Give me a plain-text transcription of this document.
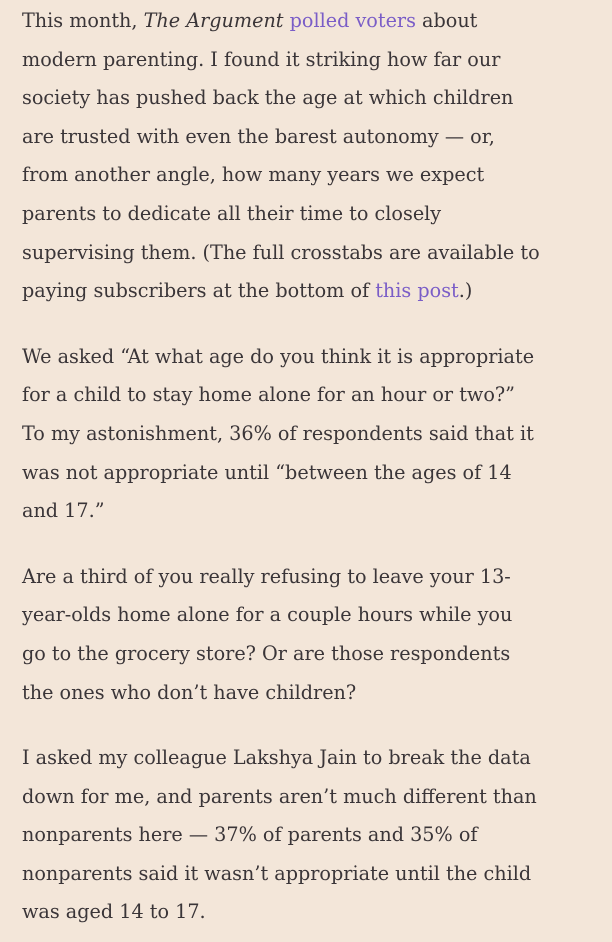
This month, The Argument polled voters about
modern parenting. I found it striking how far our
society has pushed back the age at which children
are trusted with even the barest autonomy — or,
from another angle, how many years we expect
parents to dedicate all their time to closely
supervising them. (The full crosstabs are available to
paying subscribers at the bottom of this post.)

We asked “At what age do you think it is appropriate
for a child to stay home alone for an hour or two?”
To my astonishment, 36% of respondents said that it
was not appropriate until “between the ages of 14
and 17.”

Are a third of you really refusing to leave your 13-
year-olds home alone for a couple hours while you
go to the grocery store? Or are those respondents
the ones who don’t have children?

I asked my colleague Lakshya Jain to break the data
down for me, and parents aren’t much different than
nonparents here — 37% of parents and 35% of
nonparents said it wasn’t appropriate until the child
was aged 14 to 17.
